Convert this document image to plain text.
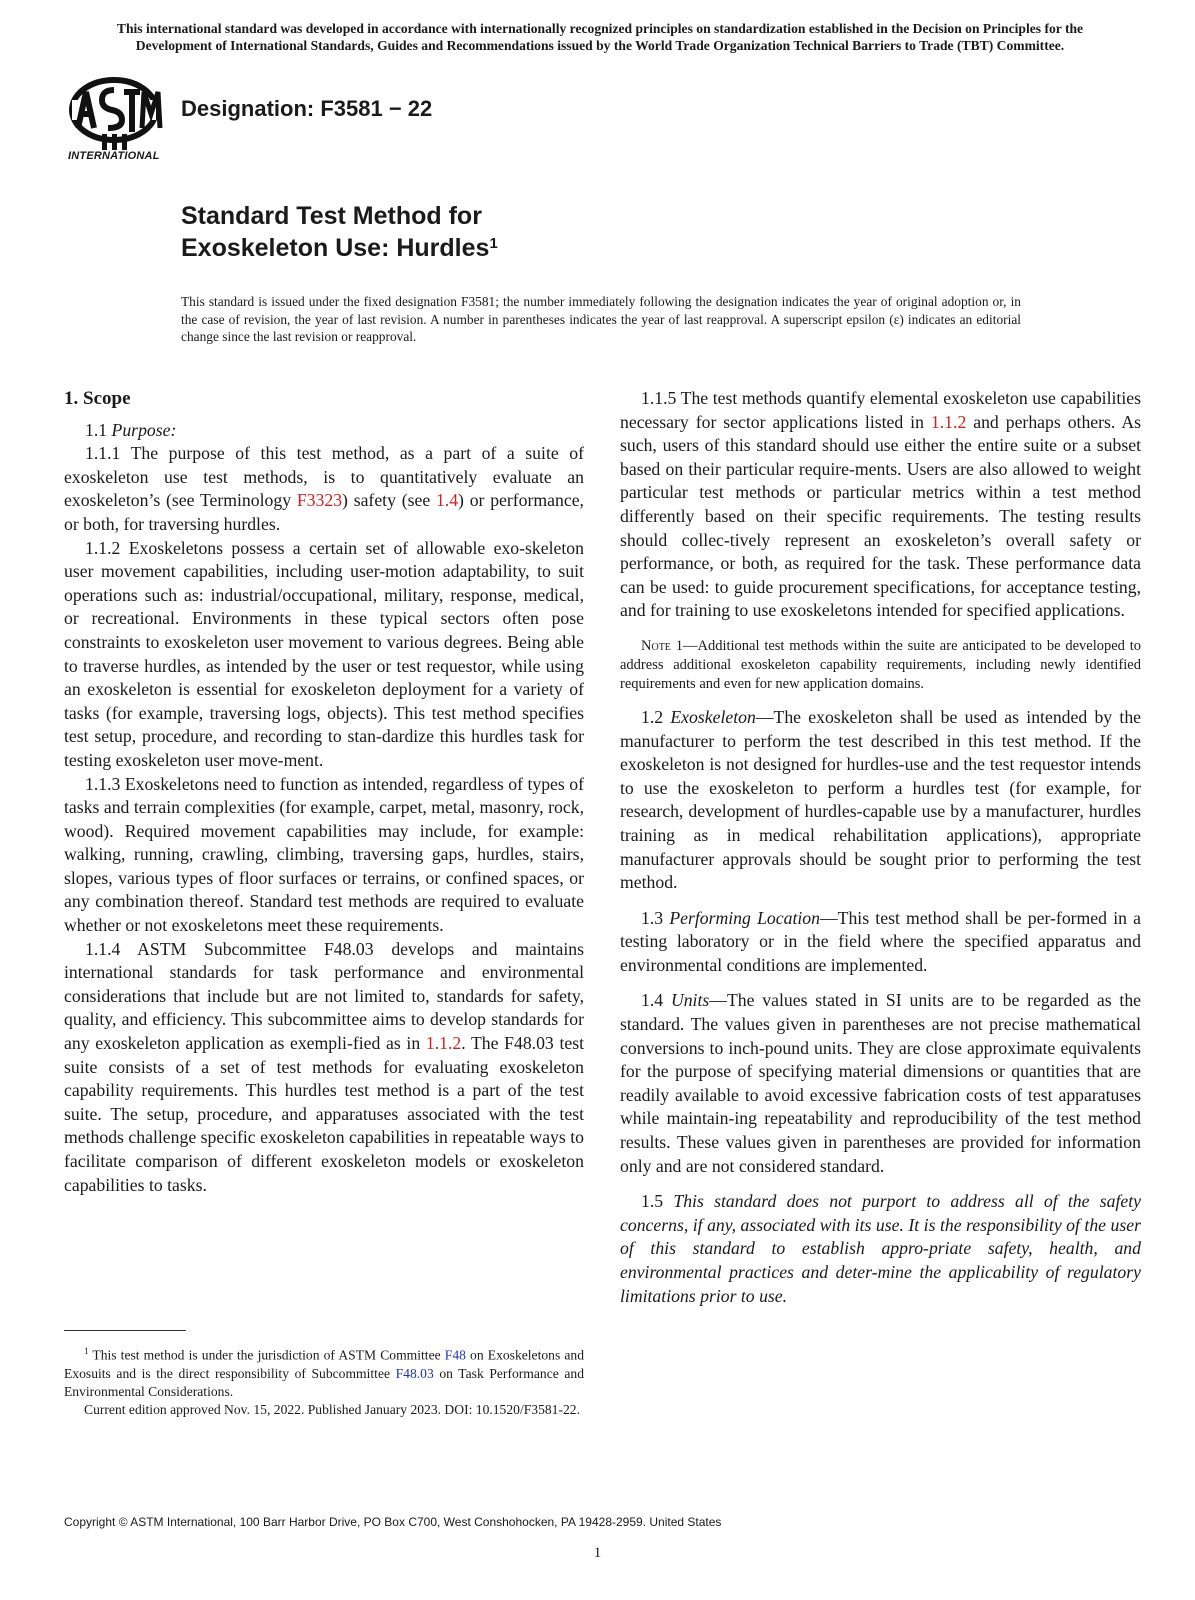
This international standard was developed in accordance with internationally recognized principles on standardization established in the Decision on Principles for the
Development of International Standards, Guides and Recommendations issued by the World Trade Organization Technical Barriers to Trade (TBT) Committee.
INTERNATIONAL
Designation: F3581 − 22
Standard Test Method for
Exoskeleton Use: Hurdles$^1$
This standard is issued under the fixed designation F3581; the number immediately following the designation indicates the year of original adoption or, in the case of revision, the year of last revision. A number in parentheses indicates the year of last reapproval. A superscript epsilon (ε) indicates an editorial change since the last revision or reapproval.

1. Scope

1.1 Purpose:

1.1.1 The purpose of this test method, as a part of a suite of exoskeleton use test methods, is to quantitatively evaluate an exoskeleton’s (see Terminology F3323) safety (see 1.4) or performance, or both, for traversing hurdles.

1.1.2 Exoskeletons possess a certain set of allowable exo-skeleton user movement capabilities, including user-motion adaptability, to suit operations such as: industrial/occupational, military, response, medical, or recreational. Environments in these typical sectors often pose constraints to exoskeleton user movement to various degrees. Being able to traverse hurdles, as intended by the user or test requestor, while using an exoskeleton is essential for exoskeleton deployment for a variety of tasks (for example, traversing logs, objects). This test method specifies test setup, procedure, and recording to stan-dardize this hurdles task for testing exoskeleton user move-ment.

1.1.3 Exoskeletons need to function as intended, regardless of types of tasks and terrain complexities (for example, carpet, metal, masonry, rock, wood). Required movement capabilities may include, for example: walking, running, crawling, climbing, traversing gaps, hurdles, stairs, slopes, various types of floor surfaces or terrains, or confined spaces, or any combination thereof. Standard test methods are required to evaluate whether or not exoskeletons meet these requirements.

1.1.4 ASTM Subcommittee F48.03 develops and maintains international standards for task performance and environmental considerations that include but are not limited to, standards for safety, quality, and efficiency. This subcommittee aims to develop standards for any exoskeleton application as exempli-fied as in 1.1.2. The F48.03 test suite consists of a set of test methods for evaluating exoskeleton capability requirements. This hurdles test method is a part of the test suite. The setup, procedure, and apparatuses associated with the test methods challenge specific exoskeleton capabilities in repeatable ways to facilitate comparison of different exoskeleton models or exoskeleton capabilities to tasks.

$^1$ This test method is under the jurisdiction of ASTM Committee F48 on Exoskeletons and Exosuits and is the direct responsibility of Subcommittee F48.03 on Task Performance and Environmental Considerations.

Current edition approved Nov. 15, 2022. Published January 2023. DOI: 10.1520/F3581-22.

1.1.5 The test methods quantify elemental exoskeleton use capabilities necessary for sector applications listed in 1.1.2 and perhaps others. As such, users of this standard should use either the entire suite or a subset based on their particular require-ments. Users are also allowed to weight particular test methods or particular metrics within a test method differently based on their specific requirements. The testing results should collec-tively represent an exoskeleton’s overall safety or performance, or both, as required for the task. These performance data can be used: to guide procurement specifications, for acceptance testing, and for training to use exoskeletons intended for specified applications.

Note 1—Additional test methods within the suite are anticipated to be developed to address additional exoskeleton capability requirements, including newly identified requirements and even for new application domains.

1.2 Exoskeleton—The exoskeleton shall be used as intended by the manufacturer to perform the test described in this test method. If the exoskeleton is not designed for hurdles-use and the test requestor intends to use the exoskeleton to perform a hurdles test (for example, for research, development of hurdles-capable use by a manufacturer, hurdles training as in medical rehabilitation applications), appropriate manufacturer approvals should be sought prior to performing the test method.

1.3 Performing Location—This test method shall be per-formed in a testing laboratory or in the field where the specified apparatus and environmental conditions are implemented.

1.4 Units—The values stated in SI units are to be regarded as the standard. The values given in parentheses are not precise mathematical conversions to inch-pound units. They are close approximate equivalents for the purpose of specifying material dimensions or quantities that are readily available to avoid excessive fabrication costs of test apparatuses while maintain-ing repeatability and reproducibility of the test method results. These values given in parentheses are provided for information only and are not considered standard.

1.5 This standard does not purport to address all of the safety concerns, if any, associated with its use. It is the responsibility of the user of this standard to establish appro-priate safety, health, and environmental practices and deter-mine the applicability of regulatory limitations prior to use.

Copyright © ASTM International, 100 Barr Harbor Drive, PO Box C700, West Conshohocken, PA 19428-2959. United States
1
